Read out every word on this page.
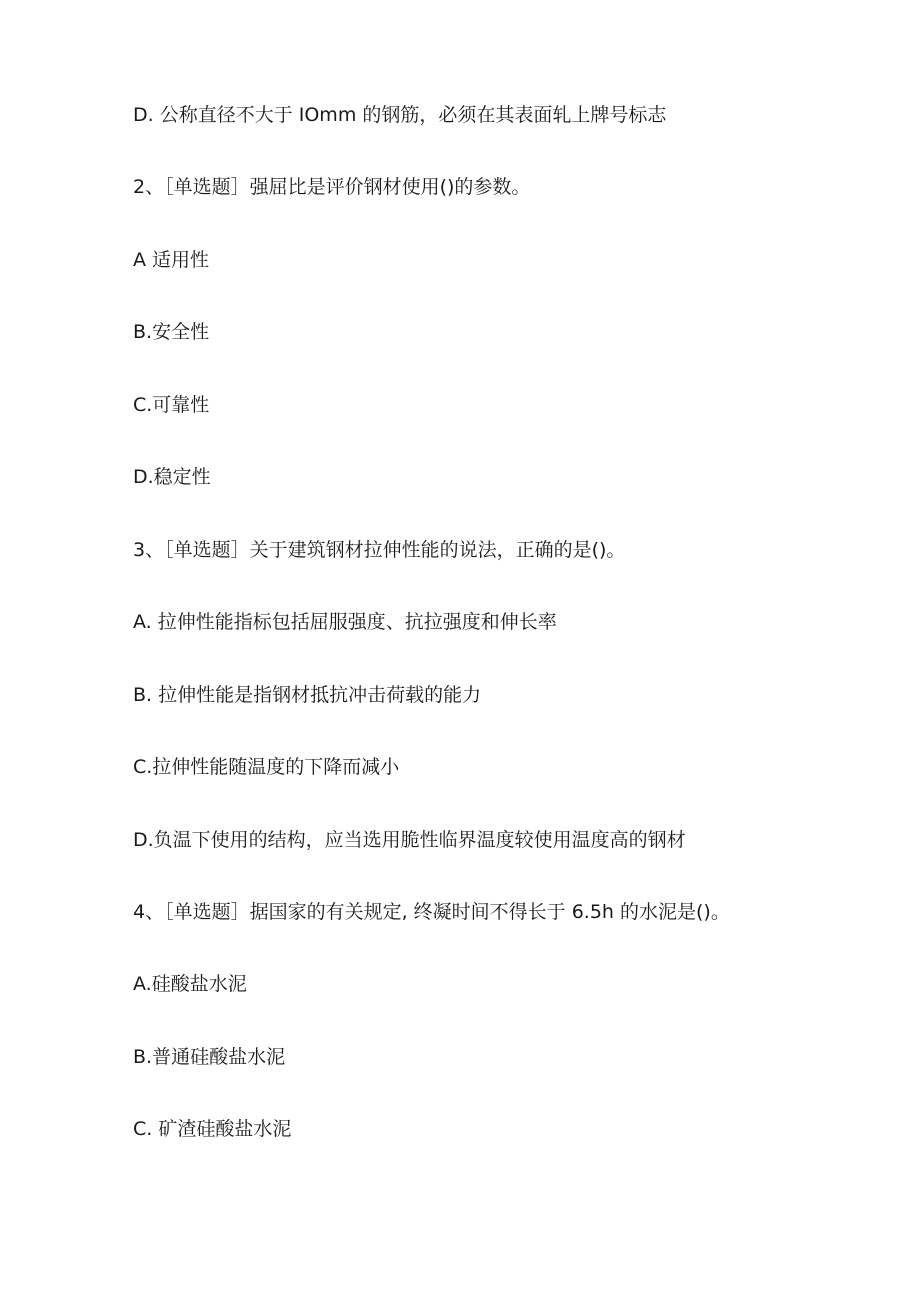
D. 公称直径不大于 IOmm 的钢筋，必须在其表面轧上牌号标志
2、［单选题］强屈比是评价钢材使用()的参数。
A 适用性
B.安全性
C.可靠性
D.稳定性
3、［单选题］关于建筑钢材拉伸性能的说法，正确的是()。
A. 拉伸性能指标包括屈服强度、抗拉强度和伸长率
B. 拉伸性能是指钢材抵抗冲击荷载的能力
C.拉伸性能随温度的下降而减小
D.负温下使用的结构，应当选用脆性临界温度较使用温度高的钢材
4、［单选题］据国家的有关规定, 终凝时间不得长于 6.5h 的水泥是()。
A.硅酸盐水泥
B.普通硅酸盐水泥
C. 矿渣硅酸盐水泥
